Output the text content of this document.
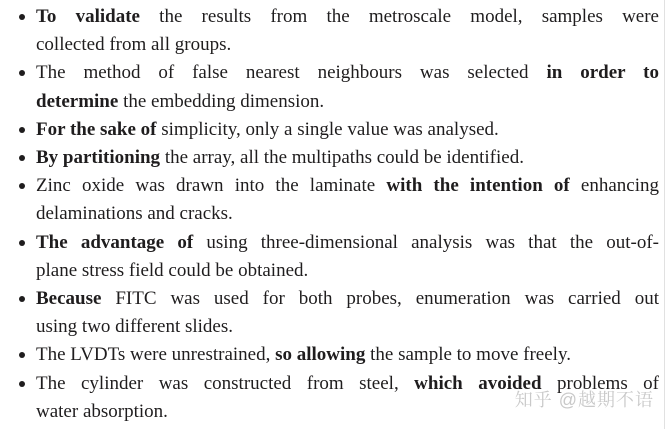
To validate the results from the metroscale model, samples were
collected from all groups.
The method of false nearest neighbours was selected in order to
determine the embedding dimension.
For the sake of simplicity, only a single value was analysed.
By partitioning the array, all the multipaths could be identified.
Zinc oxide was drawn into the laminate with the intention of enhancing
delaminations and cracks.
The advantage of using three-dimensional analysis was that the out-of-
plane stress field could be obtained.
Because FITC was used for both probes, enumeration was carried out
using two different slides.
The LVDTs were unrestrained, so allowing the sample to move freely.
The cylinder was constructed from steel, which avoided problems of
water absorption.
知乎 @越期不语
